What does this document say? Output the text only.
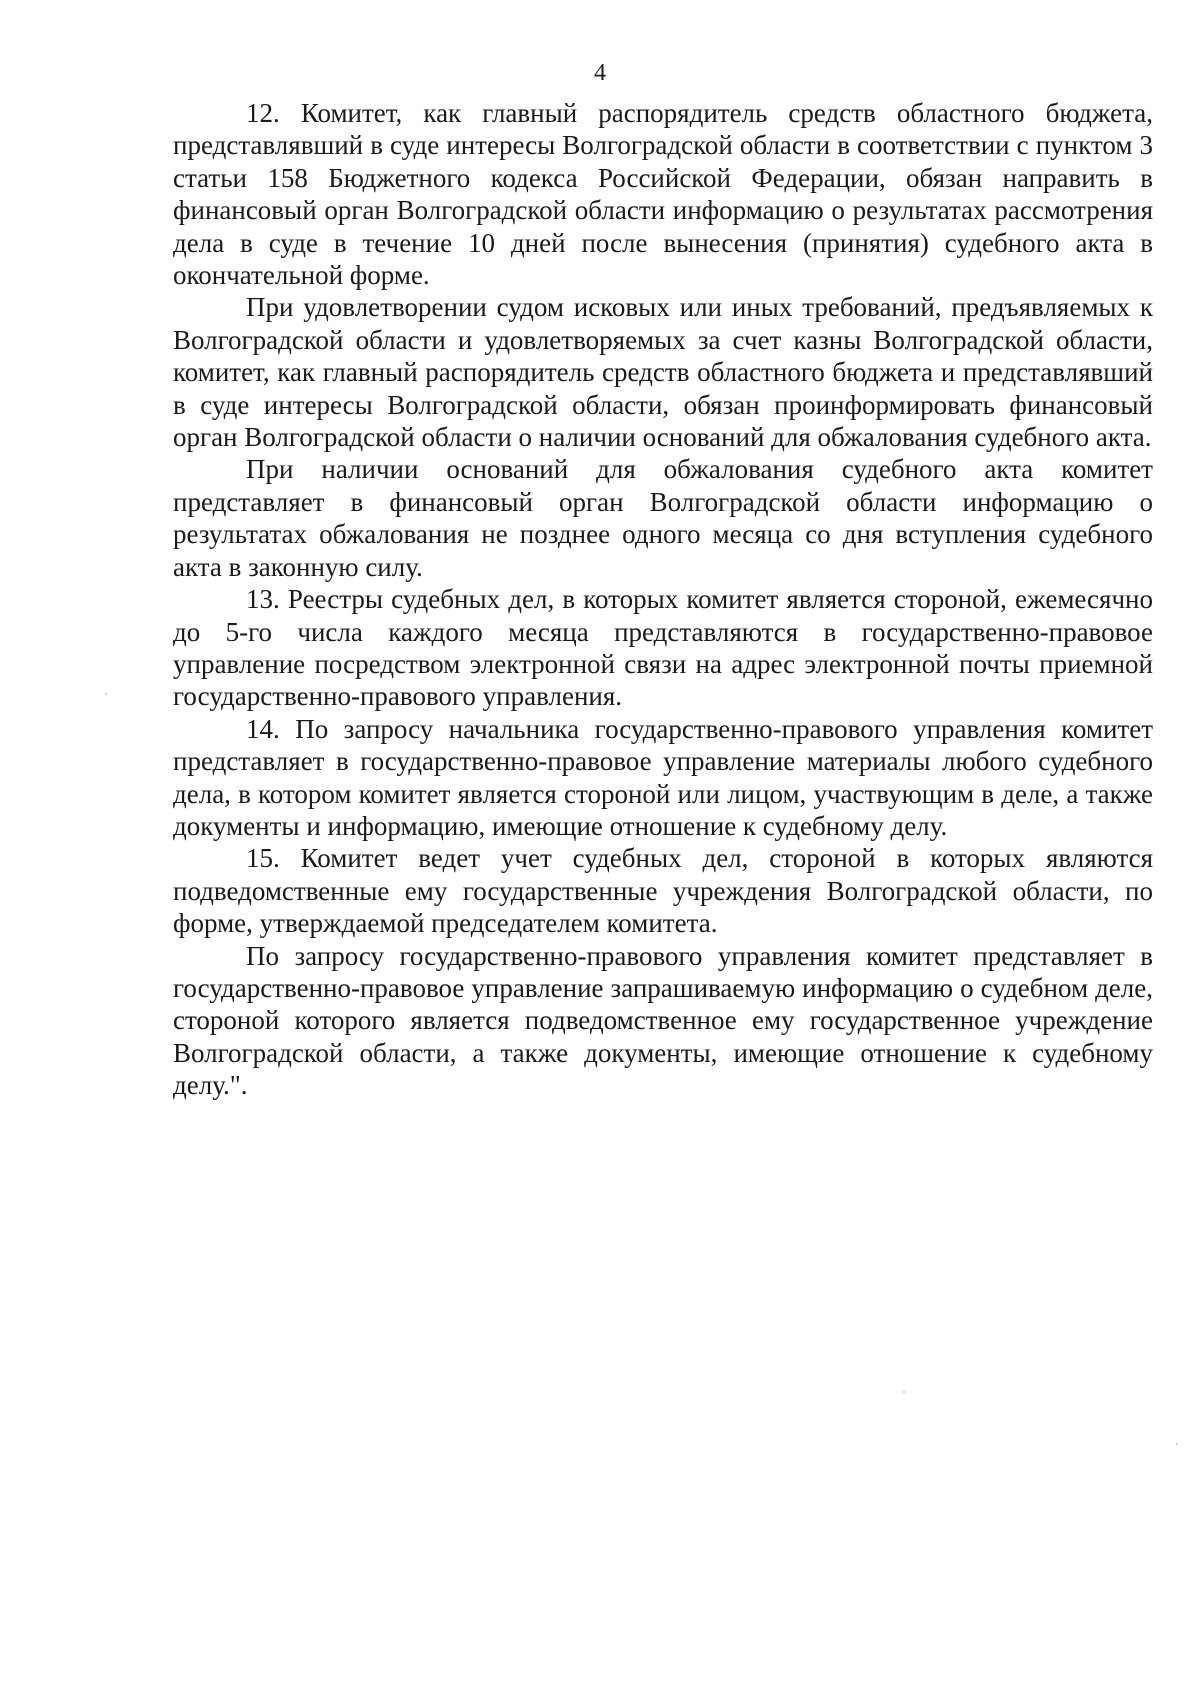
4

12. Комитет, как главный распорядитель средств областного бюджета, представлявший в суде интересы Волгоградской области в соответствии с пунктом 3 статьи 158 Бюджетного кодекса Российской Федерации, обязан направить в финансовый орган Волгоградской области информацию о результатах рассмотрения дела в суде в течение 10 дней после вынесения (принятия) судебного акта в окончательной форме.

При удовлетворении судом исковых или иных требований, предъявляемых к Волгоградской области и удовлетворяемых за счет казны Волгоградской области, комитет, как главный распорядитель средств областного бюджета и представлявший в суде интересы Волгоградской области, обязан проинформировать финансовый орган Волгоградской области о наличии оснований для обжалования судебного акта.

При наличии оснований для обжалования судебного акта комитет представляет в финансовый орган Волгоградской области информацию о результатах обжалования не позднее одного месяца со дня вступления судебного акта в законную силу.

13. Реестры судебных дел, в которых комитет является стороной, ежемесячно до 5-го числа каждого месяца представляются в государственно-правовое управление посредством электронной связи на адрес электронной почты приемной государственно-правового управления.

14. По запросу начальника государственно-правового управления комитет представляет в государственно-правовое управление материалы любого судебного дела, в котором комитет является стороной или лицом, участвующим в деле, а также документы и информацию, имеющие отношение к судебному делу.

15. Комитет ведет учет судебных дел, стороной в которых являются подведомственные ему государственные учреждения Волгоградской области, по форме, утверждаемой председателем комитета.

По запросу государственно-правового управления комитет представляет в государственно-правовое управление запрашиваемую информацию о судебном деле, стороной которого является подведомственное ему государственное учреждение Волгоградской области, а также документы, имеющие отношение к судебному делу.".
